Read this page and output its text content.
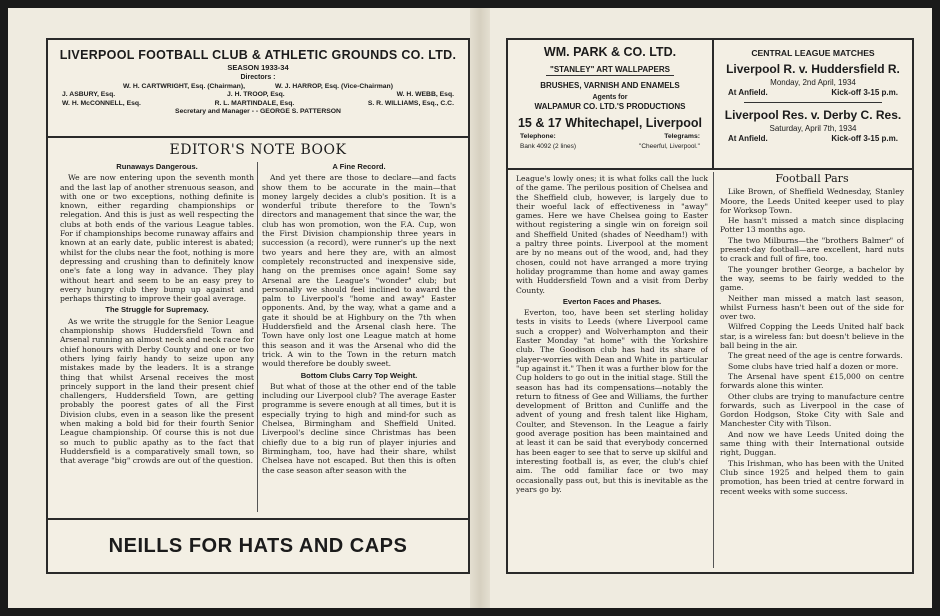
LIVERPOOL FOOTBALL CLUB & ATHLETIC GROUNDS CO. LTD.
SEASON 1933-34
Directors :
W. H. CARTWRIGHT, Esq. (Chairman),	W. J. HARROP, Esq. (Vice-Chairman)
J. ASBURY, Esq.	J. H. TROOP, Esq.	W. H. WEBB, Esq.
W. H. McCONNELL, Esq.	R. L. MARTINDALE, Esq.	S. R. WILLIAMS, Esq., C.C.
Secretary and Manager - - GEORGE S. PATTERSON
EDITOR'S NOTE BOOK
Runaways Dangerous.

We are now entering upon the seventh month and the last lap of another strenuous season, and with one or two exceptions, nothing definite is known, either regarding championships or relegation. And this is just as well respecting the clubs at both ends of the various League tables. For if championships become runaway affairs and known at an early date, public interest is abated; whilst for the clubs near the foot, nothing is more depressing and crushing than to definitely know one's fate a long way in advance. They play without heart and seem to be an easy prey to every hungry club they bump up against and perhaps thirsting to improve their goal average.

The Struggle for Supremacy.

As we write the struggle for the Senior League championship shows Huddersfield Town and Arsenal running an almost neck and neck race for chief honours with Derby County and one or two others lying fairly handy to seize upon any mistakes made by the leaders. It is a strange thing that whilst Arsenal receives the most princely support in the land their present chief challengers, Huddersfield Town, are getting probably the poorest gates of all the First Division clubs, even in a season like the present when making a bold bid for their fourth Senior League championship. Of course this is not due so much to public apathy as to the fact that Huddersfield is a comparatively small town, so that average "big" crowds are out of the question.

A Fine Record.

And yet there are those to declare—and facts show them to be accurate in the main—that money largely decides a club's position. It is a wonderful tribute therefore to the Town's directors and management that since the war, the club has won promotion, won the F.A. Cup, won the First Division championship three years in succession (a record), were runner's up the next two years and here they are, with an almost completely reconstructed and inexpensive side, hang on the premises once again! Some say Arsenal are the League's "wonder" club; but personally we should feel inclined to award the palm to Liverpool's "home and away" Easter opponents. And, by the way, what a game and a gate it should be at Highbury on the 7th when Huddersfield and the Arsenal clash here. The Town have only lost one League match at home this season and it was the Arsenal who did the trick. A win to the Town in the return match would therefore be doubly sweet.

Bottom Clubs Carry Top Weight.

But what of those at the other end of the table including our Liverpool club? The average Easter programme is severe enough at all times, but it is especially trying to high and mind-for such as Chelsea, Birmingham and Sheffield United. Liverpool's decline since Christmas has been chiefly due to a big run of player injuries and Birmingham, too, have had their share, whilst Chelsea have not escaped. But then this is often the case season after season with the

NEILLS FOR HATS AND CAPS
WM. PARK & CO. LTD.
"STANLEY" ART WALLPAPERS
BRUSHES, VARNISH AND ENAMELS
Agents for
WALPAMUR CO. LTD.'S PRODUCTIONS
15 & 17 Whitechapel, Liverpool
Telephone:	Telegrams:
Bank 4092 (2 lines)	"Cheerful, Liverpool."
CENTRAL LEAGUE MATCHES
Liverpool R. v. Huddersfield R.
Monday, 2nd April, 1934
At Anfield.	Kick-off 3-15 p.m.
Liverpool Res. v. Derby C. Res.
Saturday, April 7th, 1934
At Anfield.	Kick-off 3-15 p.m.

League's lowly ones; it is what folks call the luck of the game. The perilous position of Chelsea and the Sheffield club, however, is largely due to their woeful lack of effectiveness in "away" games. Here we have Chelsea going to Easter without registering a single win on foreign soil and Sheffield United (shades of Needham!) with a paltry three points. Liverpool at the moment are by no means out of the wood, and, had they chosen, could not have arranged a more trying holiday programme than home and away games with Huddersfield Town and a visit from Derby County.

Everton Faces and Phases.

Everton, too, have been set sterling holiday tests in visits to Leeds (where Liverpool came such a cropper) and Wolverhampton and their Easter Monday "at home" with the Yorkshire club. The Goodison club has had its share of player-worries with Dean and White in particular "up against it." Then it was a further blow for the Cup holders to go out in the initial stage. Still the season has had its compensations—notably the return to fitness of Gee and Williams, the further development of Britton and Cunliffe and the advent of young and fresh talent like Higham, Coulter, and Stevenson. In the League a fairly good average position has been maintained and at least it can be said that everybody concerned has been eager to see that to serve up skilful and interesting football is, as ever, the club's chief aim. The odd familiar face or two may occasionally pass out, but this is inevitable as the years go by.

Football Pars

Like Brown, of Sheffield Wednesday, Stanley Moore, the Leeds United keeper used to play for Worksop Town.

He hasn't missed a match since displacing Potter 13 months ago.

The two Milburns—the "brothers Balmer" of present-day football—are excellent, hard nuts to crack and full of fire, too.

The younger brother George, a bachelor by the way, seems to be fairly wedded to the game.

Neither man missed a match last season, whilst Furness hasn't been out of the side for over two.

Wilfred Copping the Leeds United half back star, is a wireless fan: but doesn't believe in the ball being in the air.

The great need of the age is centre forwards.

Some clubs have tried half a dozen or more.

The Arsenal have spent £15,000 on centre forwards alone this winter.

Other clubs are trying to manufacture centre forwards, such as Liverpool in the case of Gordon Hodgson, Stoke City with Sale and Manchester City with Tilson.

And now we have Leeds United doing the same thing with their International outside right, Duggan.

This Irishman, who has been with the United Club since 1925 and helped them to gain promotion, has been tried at centre forward in recent weeks with some success.
